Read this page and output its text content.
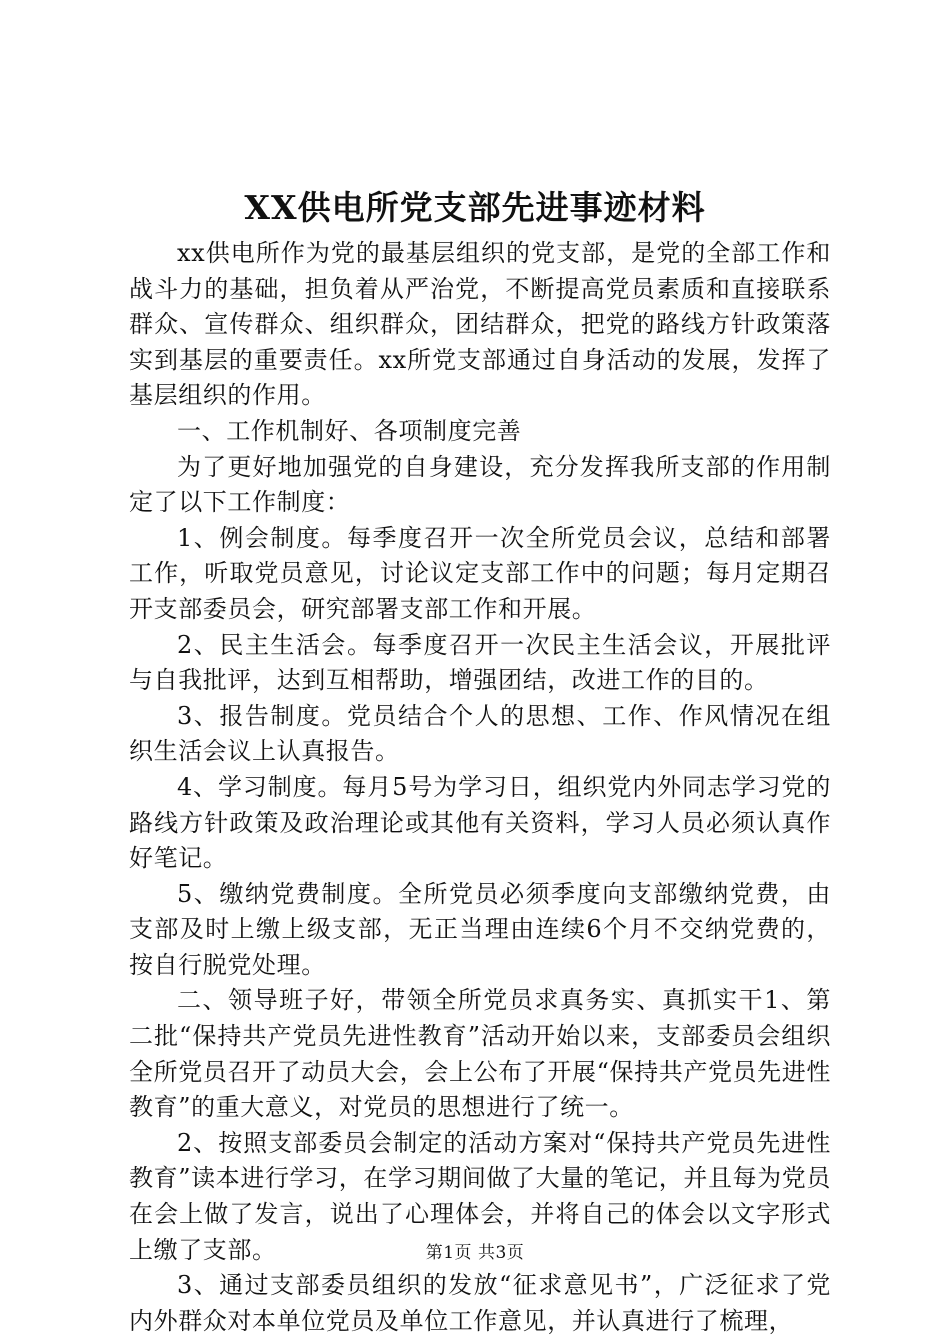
XX供电所党支部先进事迹材料

xx供电所作为党的最基层组织的党支部，是党的全部工作和战斗力的基础，担负着从严治党，不断提高党员素质和直接联系群众、宣传群众、组织群众，团结群众，把党的路线方针政策落实到基层的重要责任。xx所党支部通过自身活动的发展，发挥了基层组织的作用。

一、工作机制好、各项制度完善

为了更好地加强党的自身建设，充分发挥我所支部的作用制定了以下工作制度：

1、例会制度。每季度召开一次全所党员会议，总结和部署工作，听取党员意见，讨论议定支部工作中的问题；每月定期召开支部委员会，研究部署支部工作和开展。

2、民主生活会。每季度召开一次民主生活会议，开展批评与自我批评，达到互相帮助，增强团结，改进工作的目的。

3、报告制度。党员结合个人的思想、工作、作风情况在组织生活会议上认真报告。

4、学习制度。每月5号为学习日，组织党内外同志学习党的路线方针政策及政治理论或其他有关资料，学习人员必须认真作好笔记。

5、缴纳党费制度。全所党员必须季度向支部缴纳党费，由支部及时上缴上级支部，无正当理由连续6个月不交纳党费的，按自行脱党处理。

二、领导班子好，带领全所党员求真务实、真抓实干1、第二批“保持共产党员先进性教育”活动开始以来，支部委员会组织全所党员召开了动员大会，会上公布了开展“保持共产党员先进性教育”的重大意义，对党员的思想进行了统一。

2、按照支部委员会制定的活动方案对“保持共产党员先进性教育”读本进行学习，在学习期间做了大量的笔记，并且每为党员在会上做了发言，说出了心理体会，并将自己的体会以文字形式上缴了支部。

3、通过支部委员组织的发放“征求意见书”，广泛征求了党内外群众对本单位党员及单位工作意见，并认真进行了梳理，

第1页 共3页
